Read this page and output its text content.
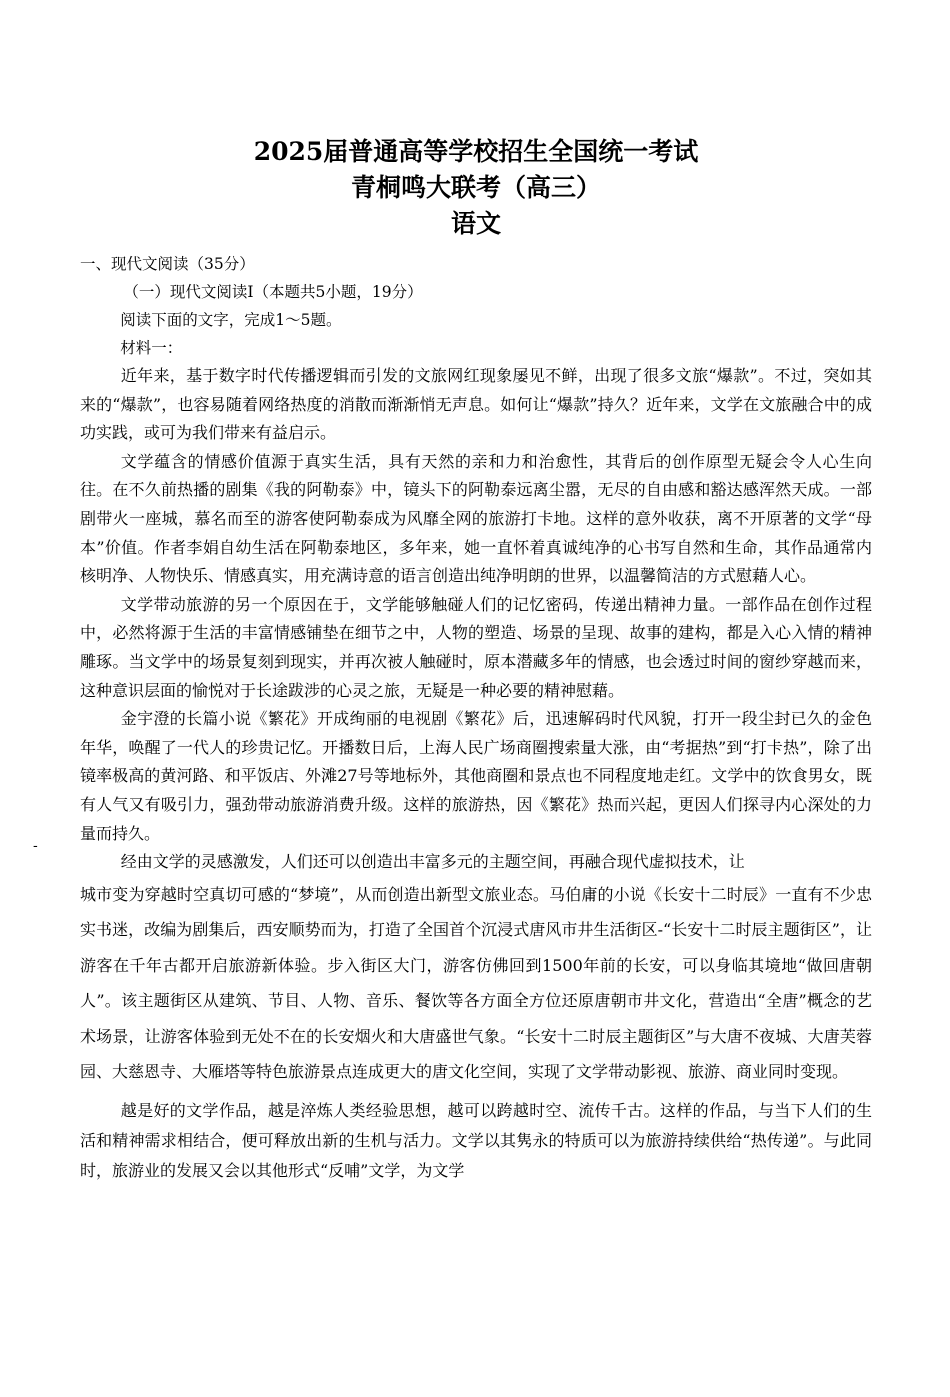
-
2025届普通高等学校招生全国统一考试
青桐鸣大联考（高三）
语文

一、现代文阅读（35分）

（一）现代文阅读Ⅰ（本题共5小题，19分）

阅读下面的文字，完成1～5题。

材料一：

近年来，基于数字时代传播逻辑而引发的文旅网红现象屡见不鲜，出现了很多文旅“爆款”。不过，突如其来的“爆款”，也容易随着网络热度的消散而渐渐悄无声息。如何让“爆款”持久？近年来，文学在文旅融合中的成功实践，或可为我们带来有益启示。

文学蕴含的情感价值源于真实生活，具有天然的亲和力和治愈性，其背后的创作原型无疑会令人心生向往。在不久前热播的剧集《我的阿勒泰》中，镜头下的阿勒泰远离尘嚣，无尽的自由感和豁达感浑然天成。一部剧带火一座城，慕名而至的游客使阿勒泰成为风靡全网的旅游打卡地。这样的意外收获，离不开原著的文学“母本”价值。作者李娟自幼生活在阿勒泰地区，多年来，她一直怀着真诚纯净的心书写自然和生命，其作品通常内核明净、人物快乐、情感真实，用充满诗意的语言创造出纯净明朗的世界，以温馨简洁的方式慰藉人心。

文学带动旅游的另一个原因在于，文学能够触碰人们的记忆密码，传递出精神力量。一部作品在创作过程中，必然将源于生活的丰富情感铺垫在细节之中，人物的塑造、场景的呈现、故事的建构，都是入心入情的精神雕琢。当文学中的场景复刻到现实，并再次被人触碰时，原本潜藏多年的情感，也会透过时间的窗纱穿越而来，这种意识层面的愉悦对于长途跋涉的心灵之旅，无疑是一种必要的精神慰藉。

金宇澄的长篇小说《繁花》开成绚丽的电视剧《繁花》后，迅速解码时代风貌，打开一段尘封已久的金色年华，唤醒了一代人的珍贵记忆。开播数日后，上海人民广场商圈搜索量大涨，由“考据热”到“打卡热”，除了出镜率极高的黄河路、和平饭店、外滩27号等地标外，其他商圈和景点也不同程度地走红。文学中的饮食男女，既有人气又有吸引力，强劲带动旅游消费升级。这样的旅游热，因《繁花》热而兴起，更因人们探寻内心深处的力量而持久。

经由文学的灵感激发，人们还可以创造出丰富多元的主题空间，再融合现代虚拟技术，让

城市变为穿越时空真切可感的“梦境”，从而创造出新型文旅业态。马伯庸的小说《长安十二时辰》一直有不少忠实书迷，改编为剧集后，西安顺势而为，打造了全国首个沉浸式唐风市井生活街区-“长安十二时辰主题街区”，让游客在千年古都开启旅游新体验。步入街区大门，游客仿佛回到1500年前的长安，可以身临其境地“做回唐朝人”。该主题街区从建筑、节目、人物、音乐、餐饮等各方面全方位还原唐朝市井文化，营造出“全唐”概念的艺术场景，让游客体验到无处不在的长安烟火和大唐盛世气象。“长安十二时辰主题街区”与大唐不夜城、大唐芙蓉园、大慈恩寺、大雁塔等特色旅游景点连成更大的唐文化空间，实现了文学带动影视、旅游、商业同时变现。

越是好的文学作品，越是淬炼人类经验思想，越可以跨越时空、流传千古。这样的作品，与当下人们的生活和精神需求相结合，便可释放出新的生机与活力。文学以其隽永的特质可以为旅游持续供给“热传递”。与此同时，旅游业的发展又会以其他形式“反哺”文学，为文学
